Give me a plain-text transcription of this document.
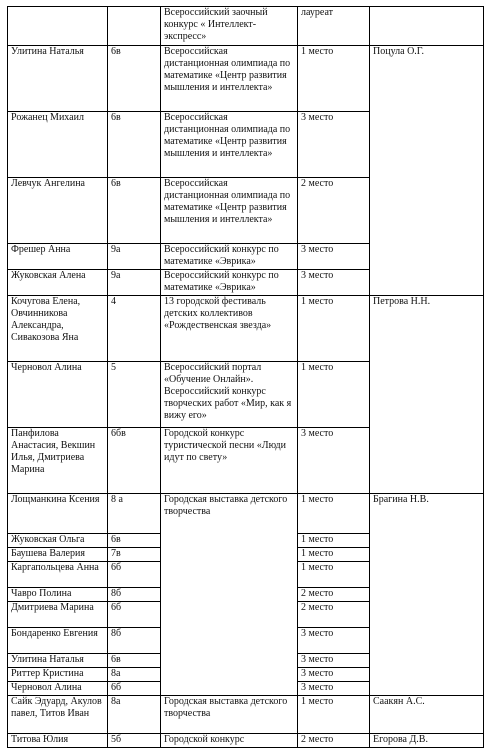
		Всероссийский заочный конкурс « Интеллект-экспресс»	лауреат	
Улитина Наталья	6в	Всероссийская дистанционная олимпиада по математике «Центр развития мышления и интеллекта»	1 место	Поцула О.Г.
Рожанец Михаил	6в	Всероссийская дистанционная олимпиада по математике «Центр развития мышления и интеллекта»	3 место	
Левчук Ангелина	6в	Всероссийская дистанционная олимпиада по математике «Центр развития мышления и интеллекта»	2 место	
Фрешер Анна	9а	Всероссийский конкурс по математике «Эврика»	3 место	
Жуковская Алена	9а	Всероссийский конкурс по математике «Эврика»	3 место	
Кочугова Елена, Овчинникова Александра, Сивакозова Яна	4	13 городской фестиваль детских коллективов «Рождественская звезда»	1 место	Петрова Н.Н.
Черновол Алина	5	Всероссийский портал «Обучение Онлайн». Всероссийский конкурс творческих работ «Мир, как я вижу его»	1 место	
Панфилова Анастасия, Векшин Илья, Дмитриева Марина	6бв	Городской конкурс туристической песни «Люди идут по свету»	3 место	
Лощманкина Ксения	8 а	Городская выставка детского творчества	1 место	Брагина Н.В.
Жуковская Ольга	6в		1 место	
Баушева Валерия	7в		1 место	
Каргапольцева Анна	6б		1 место	
Чавро Полина	8б		2 место	
Дмитриева Марина	6б		2 место	
Бондаренко Евгения	8б		3 место	
Улитина Наталья	6в		3 место	
Риттер Кристина	8а		3 место	
Черновол Алина	6б		3 место	
Сайк Эдуард, Акулов павел, Титов Иван	8а	Городская выставка детского творчества	1 место	Саакян А.С.
Титова Юлия	5б	Городской конкурс	2 место	Егорова Д.В.
